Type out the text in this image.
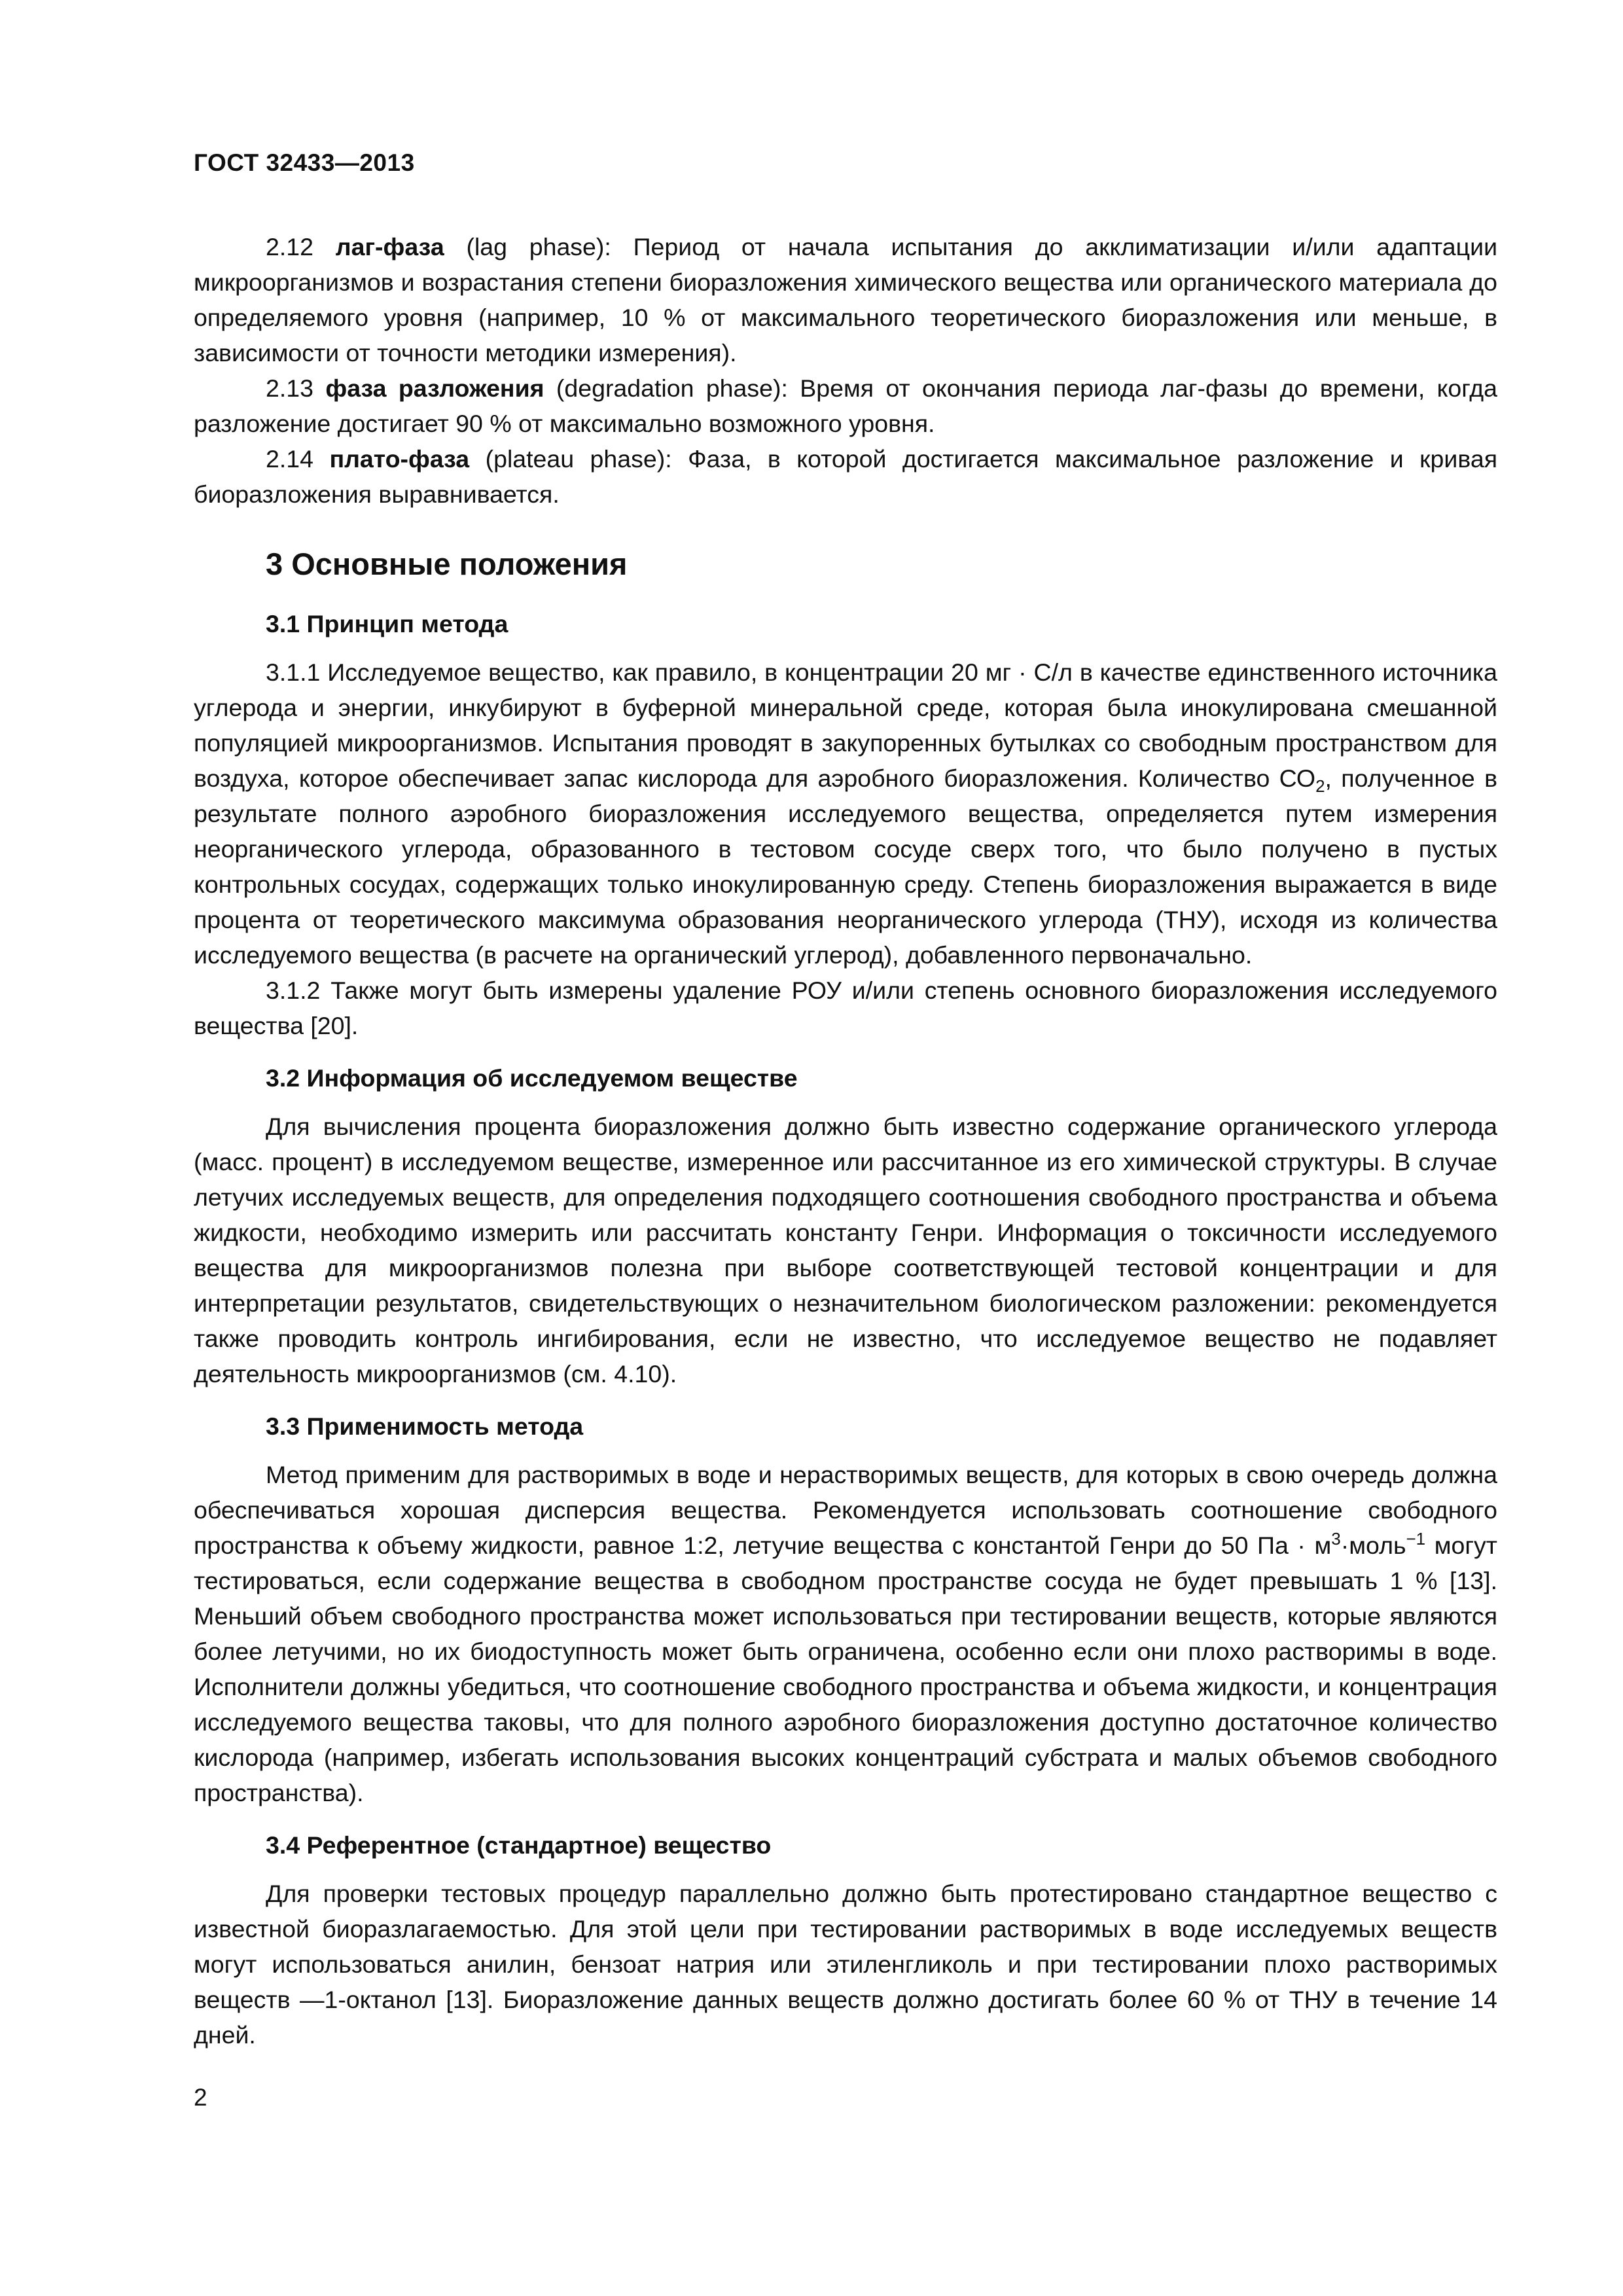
ГОСТ 32433—2013

2.12 лаг-фаза (lag phase): Период от начала испытания до акклиматизации и/или адаптации микроорганизмов и возрастания степени биоразложения химического вещества или органического материала до определяемого уровня (например, 10 % от максимального теоретического биоразложения или меньше, в зависимости от точности методики измерения).

2.13 фаза разложения (degradation phase): Время от окончания периода лаг-фазы до времени, когда разложение достигает 90 % от максимально возможного уровня.

2.14 плато-фаза (plateau phase): Фаза, в которой достигается максимальное разложение и кривая биоразложения выравнивается.

3 Основные положения
3.1 Принцип метода

3.1.1 Исследуемое вещество, как правило, в концентрации 20 мг · С/л в качестве единственного источника углерода и энергии, инкубируют в буферной минеральной среде, которая была инокулирована смешанной популяцией микроорганизмов. Испытания проводят в закупоренных бутылках со свободным пространством для воздуха, которое обеспечивает запас кислорода для аэробного биоразложения. Количество $СО_2$, полученное в результате полного аэробного биоразложения исследуемого вещества, определяется путем измерения неорганического углерода, образованного в тестовом сосуде сверх того, что было получено в пустых контрольных сосудах, содержащих только инокулированную среду. Степень биоразложения выражается в виде процента от теоретического максимума образования неорганического углерода (ТНУ), исходя из количества исследуемого вещества (в расчете на органический углерод), добавленного первоначально.

3.1.2 Также могут быть измерены удаление РОУ и/или степень основного биоразложения исследуемого вещества [20].

3.2 Информация об исследуемом веществе

Для вычисления процента биоразложения должно быть известно содержание органического углерода (масс. процент) в исследуемом веществе, измеренное или рассчитанное из его химической структуры. В случае летучих исследуемых веществ, для определения подходящего соотношения свободного пространства и объема жидкости, необходимо измерить или рассчитать константу Генри. Информация о токсичности исследуемого вещества для микроорганизмов полезна при выборе соответствующей тестовой концентрации и для интерпретации результатов, свидетельствующих о незначительном биологическом разложении: рекомендуется также проводить контроль ингибирования, если не известно, что исследуемое вещество не подавляет деятельность микроорганизмов (см. 4.10).

3.3 Применимость метода

Метод применим для растворимых в воде и нерастворимых веществ, для которых в свою очередь должна обеспечиваться хорошая дисперсия вещества. Рекомендуется использовать соотношение свободного пространства к объему жидкости, равное 1:2, летучие вещества с константой Генри до 50 Па · $м^3\cdot моль^{-1}$ могут тестироваться, если содержание вещества в свободном пространстве сосуда не будет превышать 1 % [13]. Меньший объем свободного пространства может использоваться при тестировании веществ, которые являются более летучими, но их биодоступность может быть ограничена, особенно если они плохо растворимы в воде. Исполнители должны убедиться, что соотношение свободного пространства и объема жидкости, и концентрация исследуемого вещества таковы, что для полного аэробного биоразложения доступно достаточное количество кислорода (например, избегать использования высоких концентраций субстрата и малых объемов свободного пространства).

3.4 Референтное (стандартное) вещество

Для проверки тестовых процедур параллельно должно быть протестировано стандартное вещество с известной биоразлагаемостью. Для этой цели при тестировании растворимых в воде исследуемых веществ могут использоваться анилин, бензоат натрия или этиленгликоль и при тестировании плохо растворимых веществ —1-октанол [13]. Биоразложение данных веществ должно достигать более 60 % от ТНУ в течение 14 дней.

2
